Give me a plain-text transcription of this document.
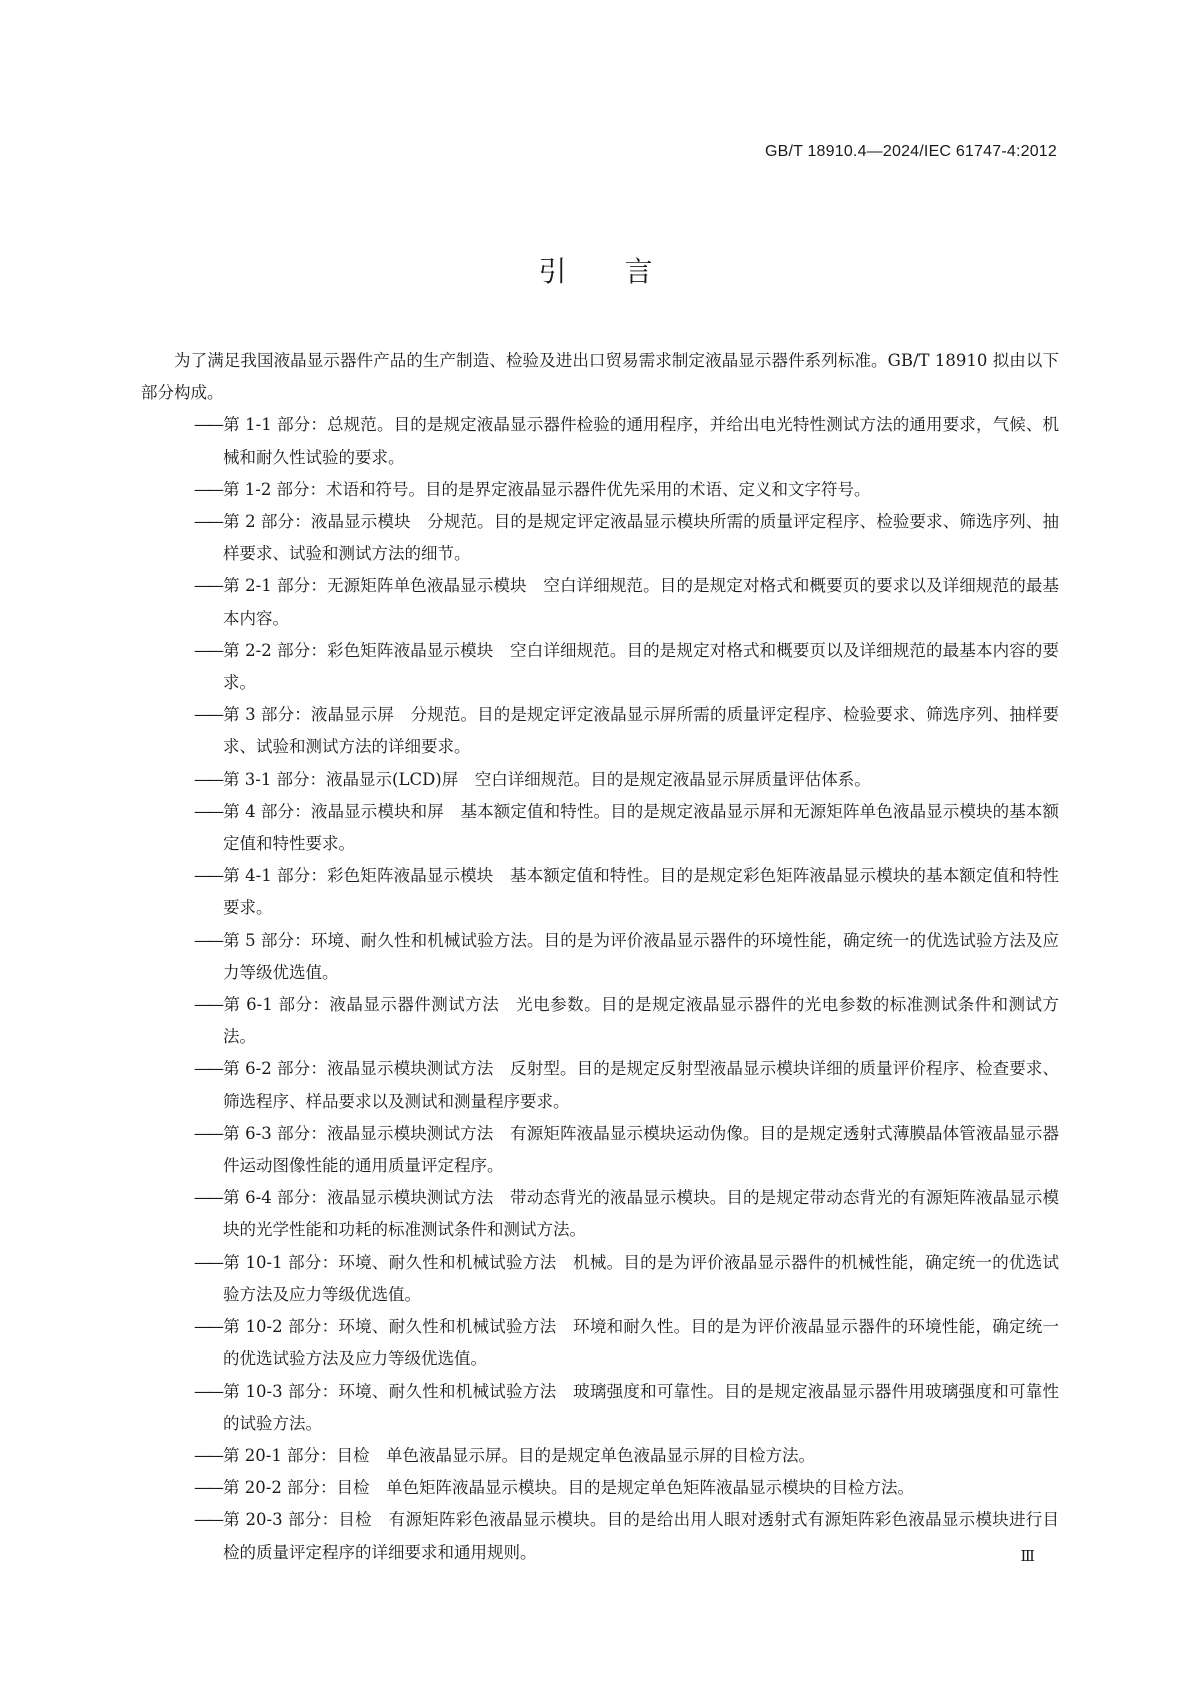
GB/T 18910.4—2024/IEC 61747-4:2012
引言

为了满足我国液晶显示器件产品的生产制造、检验及进出口贸易需求制定液晶显示器件系列标准。GB/T 18910 拟由以下部分构成。

—— 第 1-1 部分：总规范。目的是规定液晶显示器件检验的通用程序，并给出电光特性测试方法的通用要求，气候、机械和耐久性试验的要求。
—— 第 1-2 部分：术语和符号。目的是界定液晶显示器件优先采用的术语、定义和文字符号。
—— 第 2 部分：液晶显示模块　分规范。目的是规定评定液晶显示模块所需的质量评定程序、检验要求、筛选序列、抽样要求、试验和测试方法的细节。
—— 第 2-1 部分：无源矩阵单色液晶显示模块　空白详细规范。目的是规定对格式和概要页的要求以及详细规范的最基本内容。
—— 第 2-2 部分：彩色矩阵液晶显示模块　空白详细规范。目的是规定对格式和概要页以及详细规范的最基本内容的要求。
—— 第 3 部分：液晶显示屏　分规范。目的是规定评定液晶显示屏所需的质量评定程序、检验要求、筛选序列、抽样要求、试验和测试方法的详细要求。
—— 第 3-1 部分：液晶显示(LCD)屏　空白详细规范。目的是规定液晶显示屏质量评估体系。
—— 第 4 部分：液晶显示模块和屏　基本额定值和特性。目的是规定液晶显示屏和无源矩阵单色液晶显示模块的基本额定值和特性要求。
—— 第 4-1 部分：彩色矩阵液晶显示模块　基本额定值和特性。目的是规定彩色矩阵液晶显示模块的基本额定值和特性要求。
—— 第 5 部分：环境、耐久性和机械试验方法。目的是为评价液晶显示器件的环境性能，确定统一的优选试验方法及应力等级优选值。
—— 第 6-1 部分：液晶显示器件测试方法　光电参数。目的是规定液晶显示器件的光电参数的标准测试条件和测试方法。
—— 第 6-2 部分：液晶显示模块测试方法　反射型。目的是规定反射型液晶显示模块详细的质量评价程序、检查要求、筛选程序、样品要求以及测试和测量程序要求。
—— 第 6-3 部分：液晶显示模块测试方法　有源矩阵液晶显示模块运动伪像。目的是规定透射式薄膜晶体管液晶显示器件运动图像性能的通用质量评定程序。
—— 第 6-4 部分：液晶显示模块测试方法　带动态背光的液晶显示模块。目的是规定带动态背光的有源矩阵液晶显示模块的光学性能和功耗的标准测试条件和测试方法。
—— 第 10-1 部分：环境、耐久性和机械试验方法　机械。目的是为评价液晶显示器件的机械性能，确定统一的优选试验方法及应力等级优选值。
—— 第 10-2 部分：环境、耐久性和机械试验方法　环境和耐久性。目的是为评价液晶显示器件的环境性能，确定统一的优选试验方法及应力等级优选值。
—— 第 10-3 部分：环境、耐久性和机械试验方法　玻璃强度和可靠性。目的是规定液晶显示器件用玻璃强度和可靠性的试验方法。
—— 第 20-1 部分：目检　单色液晶显示屏。目的是规定单色液晶显示屏的目检方法。
—— 第 20-2 部分：目检　单色矩阵液晶显示模块。目的是规定单色矩阵液晶显示模块的目检方法。
—— 第 20-3 部分：目检　有源矩阵彩色液晶显示模块。目的是给出用人眼对透射式有源矩阵彩色液晶显示模块进行目检的质量评定程序的详细要求和通用规则。	Ⅲ
